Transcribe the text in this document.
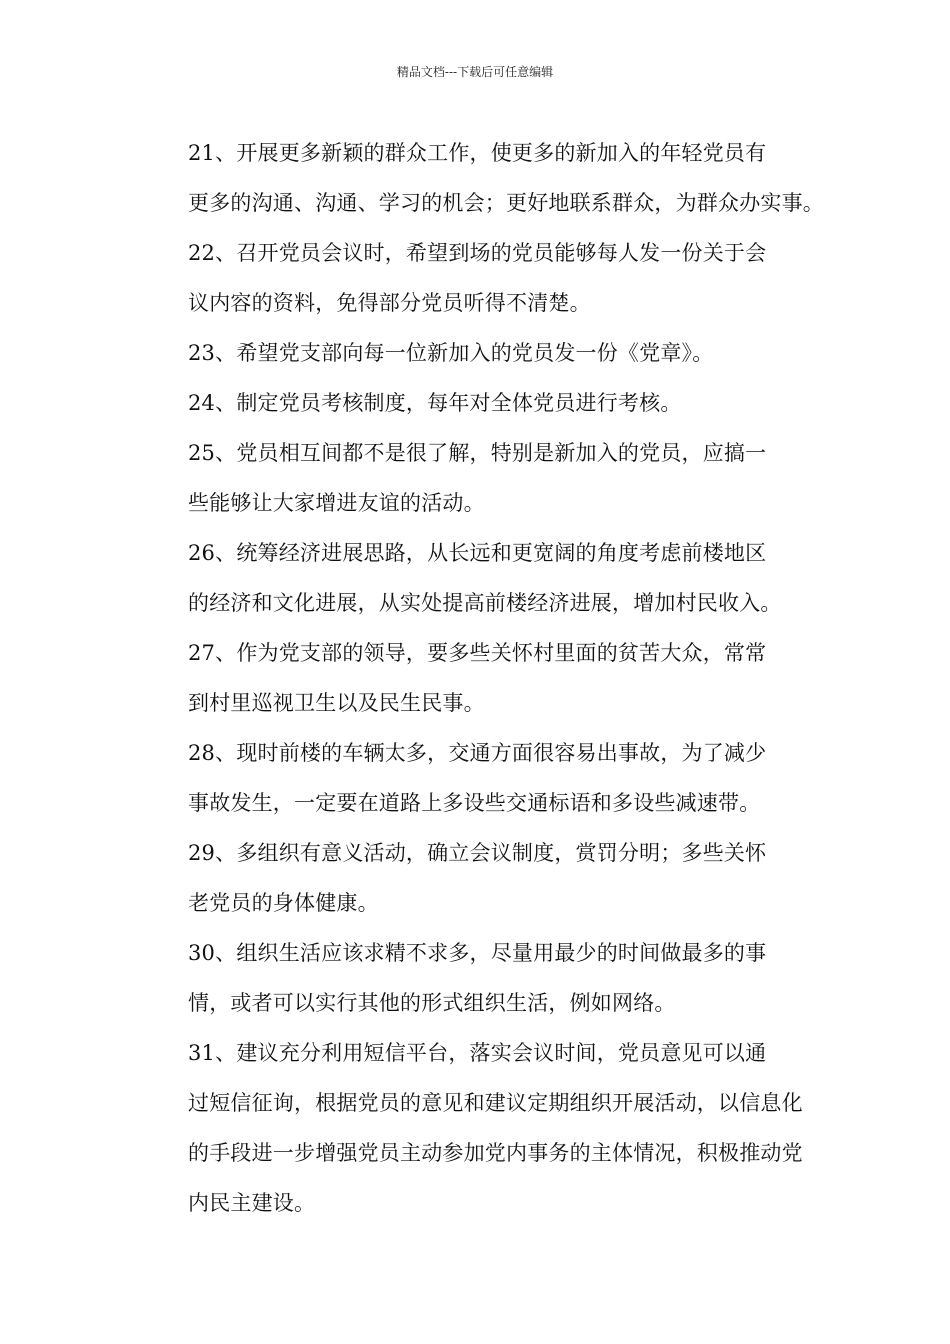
精品文档---下载后可任意编辑

21、开展更多新颖的群众工作，使更多的新加入的年轻党员有
更多的沟通、沟通、学习的机会；更好地联系群众，为群众办实事。

22、召开党员会议时，希望到场的党员能够每人发一份关于会
议内容的资料，免得部分党员听得不清楚。

23、希望党支部向每一位新加入的党员发一份《党章》。

24、制定党员考核制度，每年对全体党员进行考核。

25、党员相互间都不是很了解，特别是新加入的党员，应搞一
些能够让大家增进友谊的活动。

26、统筹经济进展思路，从长远和更宽阔的角度考虑前楼地区
的经济和文化进展，从实处提高前楼经济进展，增加村民收入。

27、作为党支部的领导，要多些关怀村里面的贫苦大众，常常
到村里巡视卫生以及民生民事。

28、现时前楼的车辆太多，交通方面很容易出事故，为了减少
事故发生，一定要在道路上多设些交通标语和多设些减速带。

29、多组织有意义活动，确立会议制度，赏罚分明；多些关怀
老党员的身体健康。

30、组织生活应该求精不求多，尽量用最少的时间做最多的事
情，或者可以实行其他的形式组织生活，例如网络。

31、建议充分利用短信平台，落实会议时间，党员意见可以通
过短信征询，根据党员的意见和建议定期组织开展活动，以信息化
的手段进一步增强党员主动参加党内事务的主体情况，积极推动党
内民主建设。
